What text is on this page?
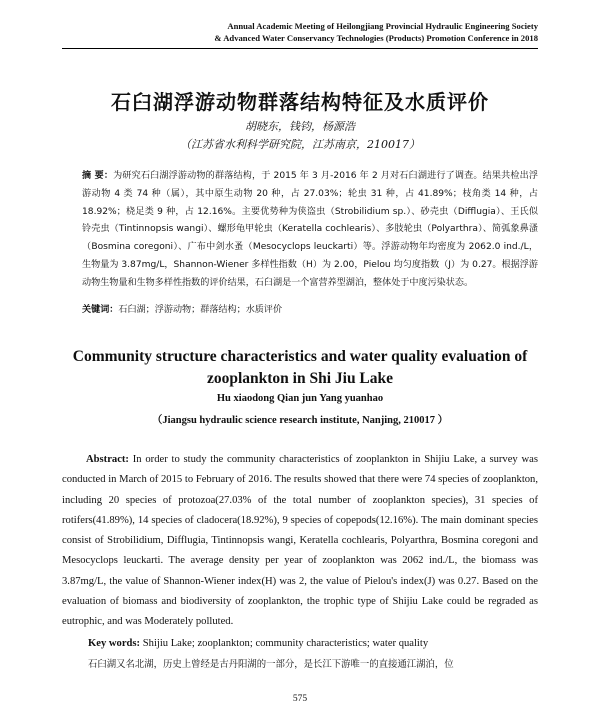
Annual Academic Meeting of Heilongjiang Provincial Hydraulic Engineering Society
& Advanced Water Conservancy Technologies (Products) Promotion Conference in 2018
石臼湖浮游动物群落结构特征及水质评价
胡晓东，钱钧，杨源浩
（江苏省水利科学研究院，江苏南京，210017）
摘 要：为研究石臼湖浮游动物的群落结构，于 2015 年 3 月-2016 年 2 月对石臼湖进行了调查。结果共检出浮游动物 4 类 74 种（属），其中原生动物 20 种，占 27.03%；轮虫 31 种，占 41.89%；枝角类 14 种，占 18.92%；桡足类 9 种，占 12.16%。主要优势种为侠盗虫（Strobilidium sp.）、砂壳虫（Difflugia）、王氏似铃壳虫（Tintinnopsis wangi）、螺形龟甲轮虫（Keratella cochlearis）、多肢轮虫（Polyarthra）、简弧象鼻溞（Bosmina coregoni）、广布中剑水蚤（Mesocyclops leuckarti）等。浮游动物年均密度为 2062.0 ind./L，生物量为 3.87mg/L，Shannon-Wiener 多样性指数（H）为 2.00，Pielou 均匀度指数（J）为 0.27。根据浮游动物生物量和生物多样性指数的评价结果，石臼湖是一个富营养型湖泊，整体处于中度污染状态。
关键词：石臼湖；浮游动物；群落结构；水质评价
Community structure characteristics and water quality evaluation of
zooplankton in Shi Jiu Lake
Hu xiaodong Qian jun Yang yuanhao
（Jiangsu hydraulic science research institute, Nanjing, 210017 ）
Abstract: In order to study the community characteristics of zooplankton in Shijiu Lake, a survey was conducted in March of 2015 to February of 2016. The results showed that there were 74 species of zooplankton, including 20 species of protozoa(27.03% of the total number of zooplankton species), 31 species of rotifers(41.89%), 14 species of cladocera(18.92%), 9 species of copepods(12.16%). The main dominant species consist of Strobilidium, Difflugia, Tintinnopsis wangi, Keratella cochlearis, Polyarthra, Bosmina coregoni and Mesocyclops leuckarti. The average density per year of zooplankton was 2062 ind./L, the biomass was 3.87mg/L, the value of Shannon-Wiener index(H) was 2, the value of Pielou's index(J) was 0.27. Based on the evaluation of biomass and biodiversity of zooplankton, the trophic type of Shijiu Lake could be regraded as eutrophic, and was Moderately polluted.
Key words: Shijiu Lake; zooplankton; community characteristics; water quality
石臼湖又名北湖，历史上曾经是古丹阳湖的一部分，是长江下游唯一的直接通江湖泊，位
575
